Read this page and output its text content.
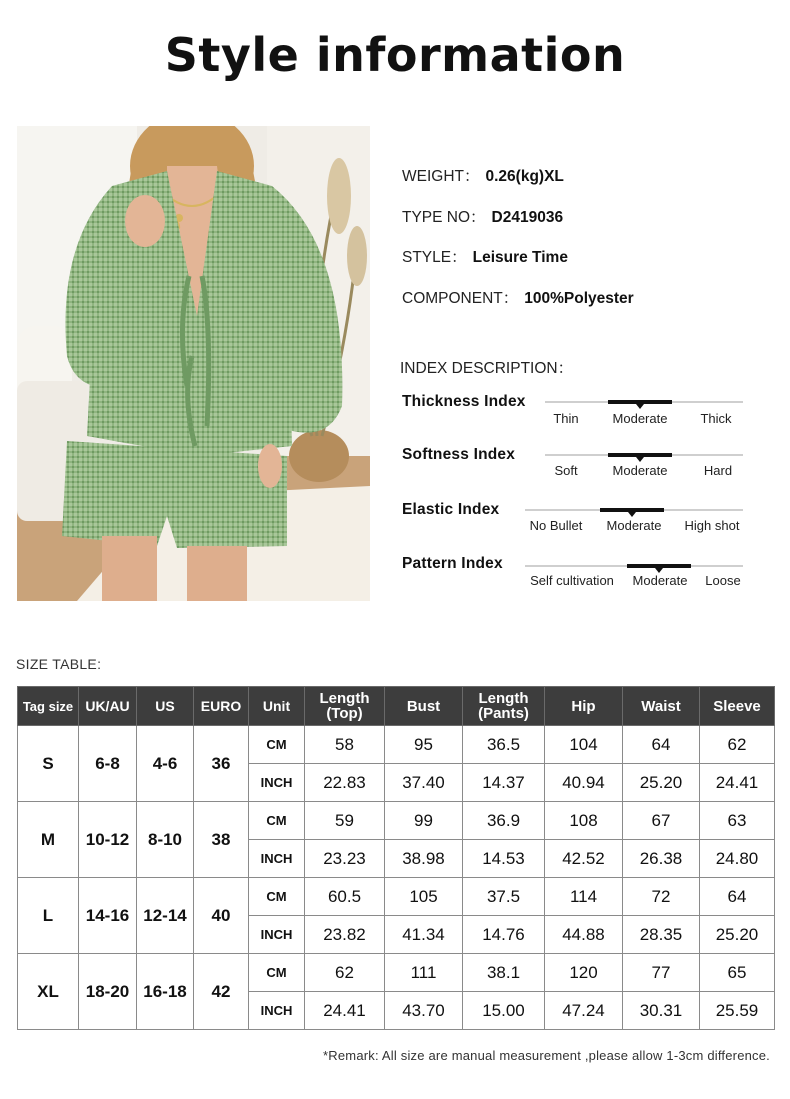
Style information
WEIGHT： 0.26(kg)XL
TYPE NO： D2419036
STYLE： Leisure Time
COMPONENT： 100%Polyester
INDEX DESCRIPTION：
Thickness Index
Thin	Moderate	Thick
Softness Index
Soft	Moderate	Hard
Elastic Index
No Bullet	Moderate	High shot
Pattern Index
Self cultivation	Moderate	Loose
SIZE TABLE:
Tag size	UK/AU	US	EURO	Unit	Length (Top)	Bust	Length (Pants)	Hip	Waist	Sleeve
S	6-8	4-6	36	CM	58	95	36.5	104	64	62
				INCH	22.83	37.40	14.37	40.94	25.20	24.41
M	10-12	8-10	38	CM	59	99	36.9	108	67	63
				INCH	23.23	38.98	14.53	42.52	26.38	24.80
L	14-16	12-14	40	CM	60.5	105	37.5	114	72	64
				INCH	23.82	41.34	14.76	44.88	28.35	25.20
XL	18-20	16-18	42	CM	62	111	38.1	120	77	65
				INCH	24.41	43.70	15.00	47.24	30.31	25.59
*Remark: All size are manual measurement ,please allow 1-3cm difference.
